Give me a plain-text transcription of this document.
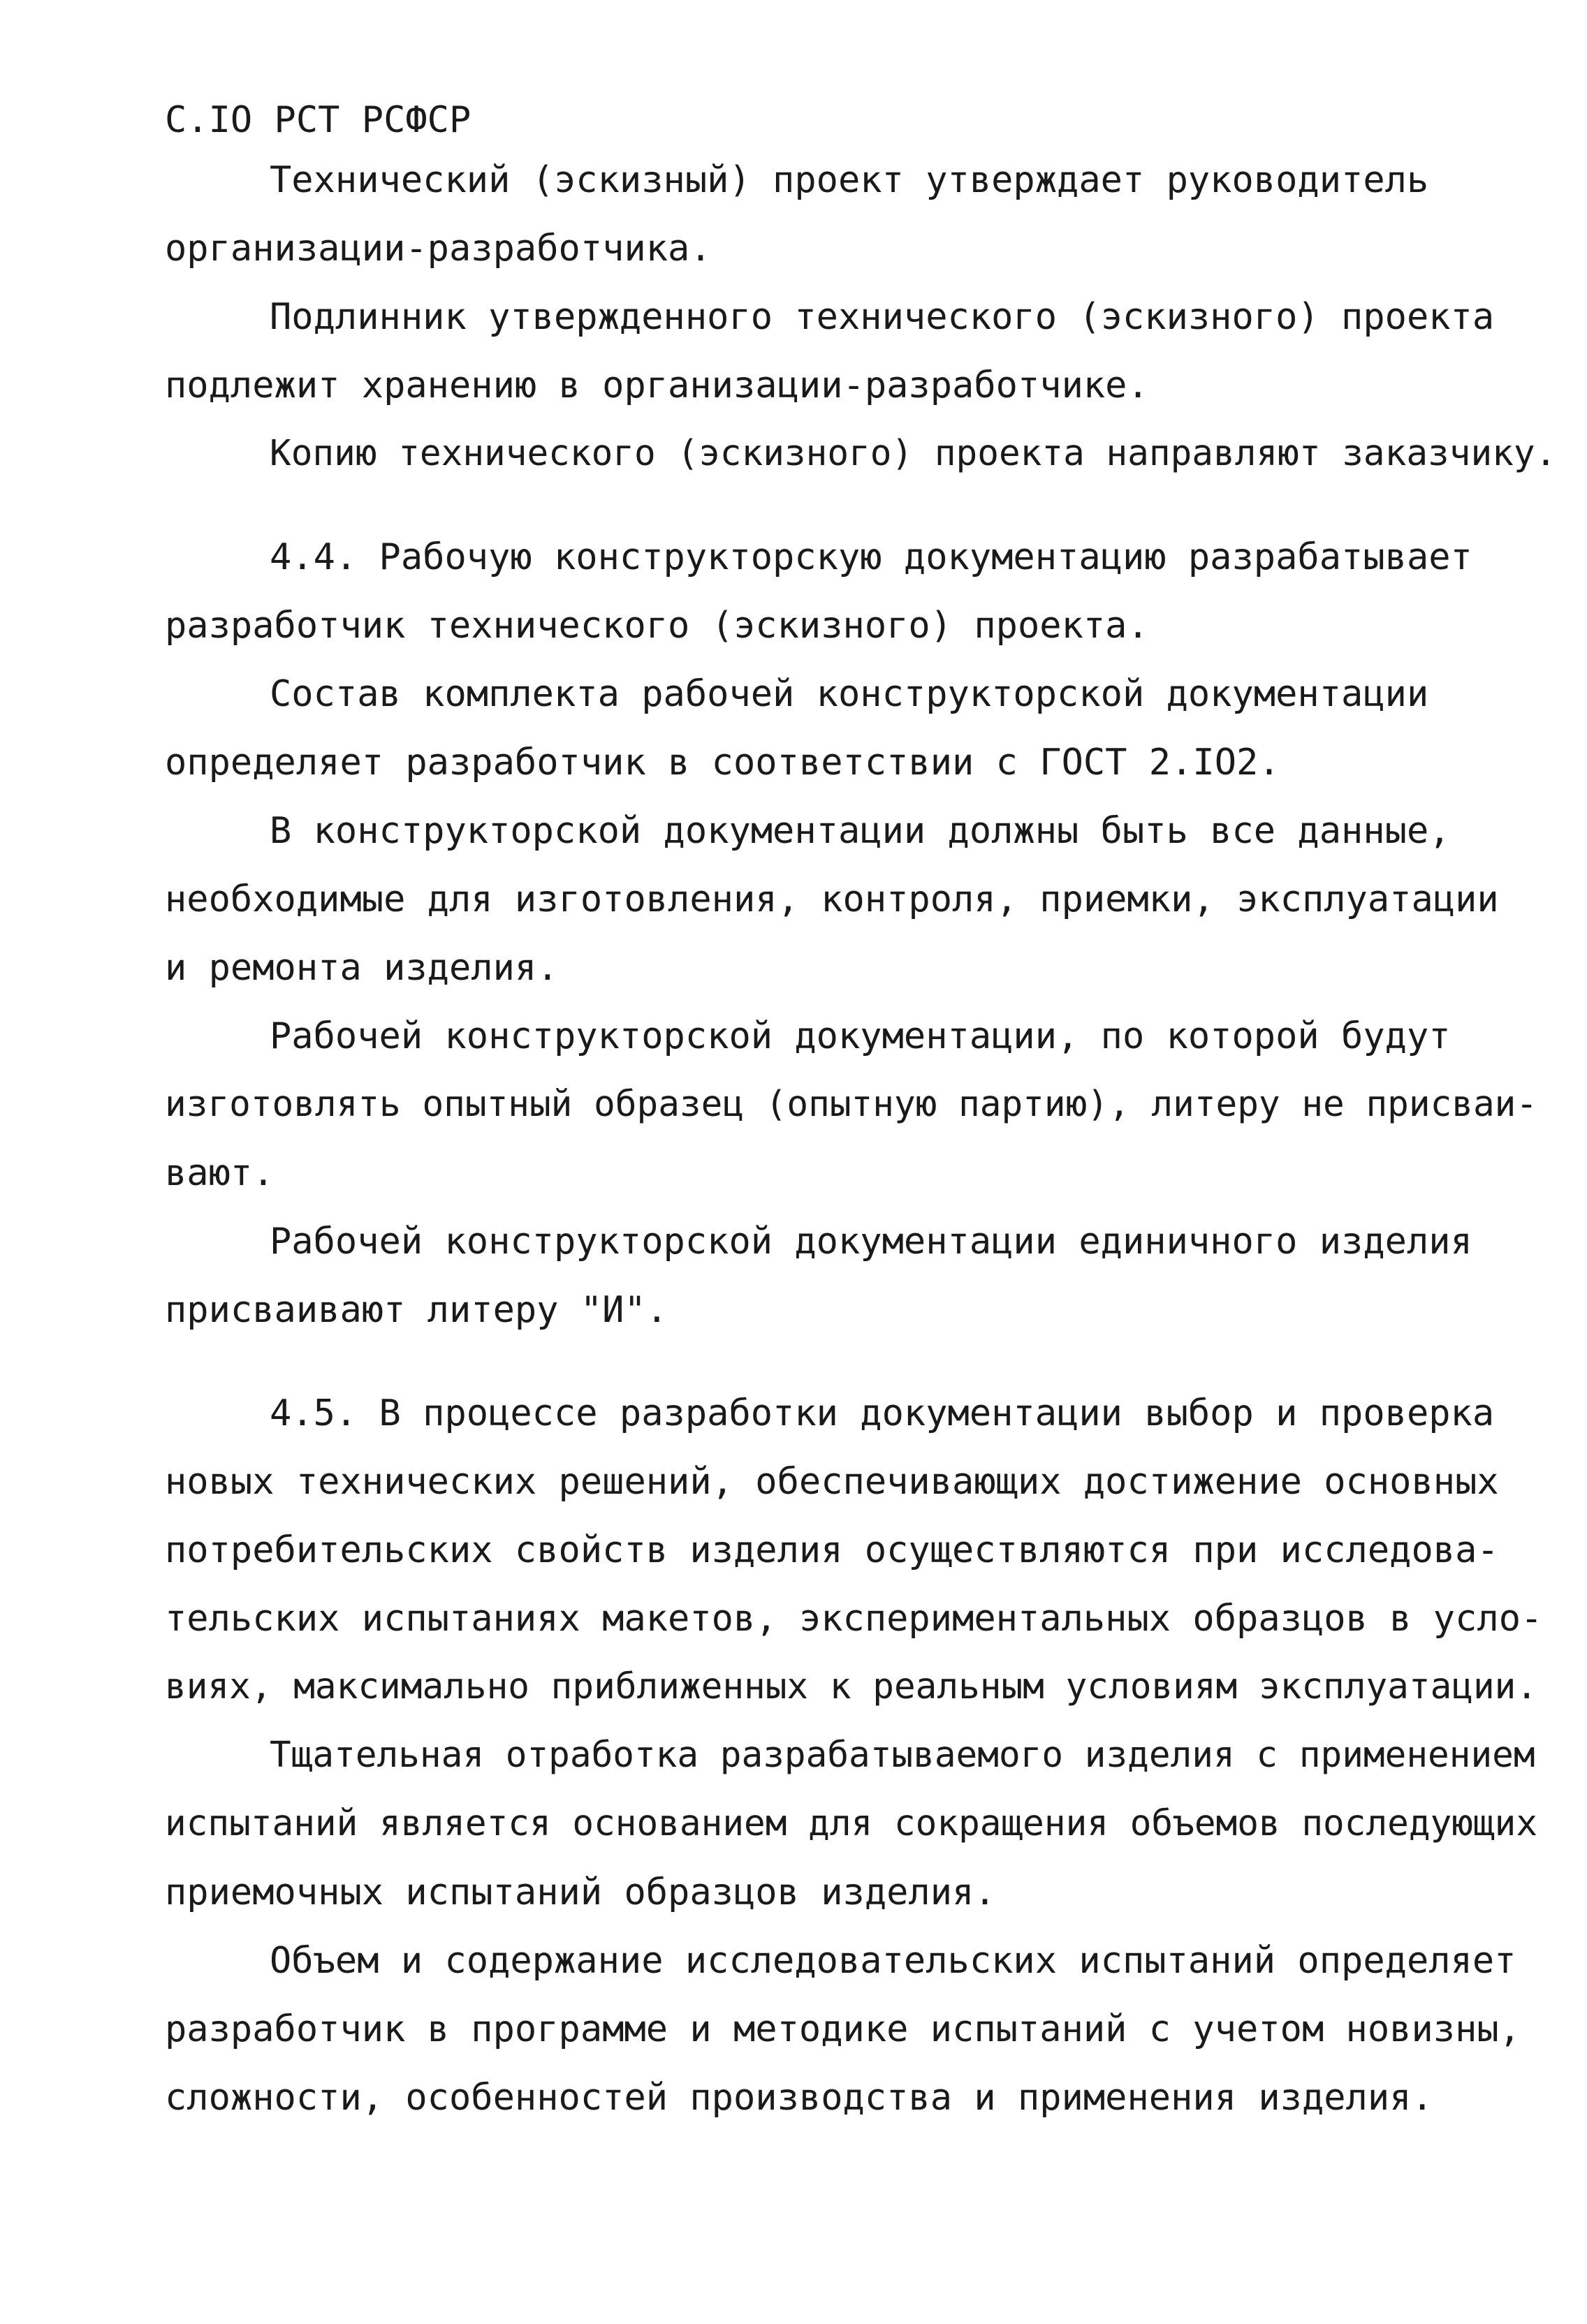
С.IO РСТ РСФСР
Технический (эскизный) проект утверждает руководитель
организации-разработчика.
Подлинник утвержденного технического (эскизного) проекта
подлежит хранению в организации-разработчике.
Копию технического (эскизного) проекта направляют заказчику.
4.4. Рабочую конструкторскую документацию разрабатывает
разработчик технического (эскизного) проекта.
Состав комплекта рабочей конструкторской документации
определяет разработчик в соответствии с ГОСТ 2.IO2.
В конструкторской документации должны быть все данные,
необходимые для изготовления, контроля, приемки, эксплуатации
и ремонта изделия.
Рабочей конструкторской документации, по которой будут
изготовлять опытный образец (опытную партию), литеру не присваи-
вают.
Рабочей конструкторской документации единичного изделия
присваивают литеру "И".
4.5. В процессе разработки документации выбор и проверка
новых технических решений, обеспечивающих достижение основных
потребительских свойств изделия осуществляются при исследова-
тельских испытаниях макетов, экспериментальных образцов в усло-
виях, максимально приближенных к реальным условиям эксплуатации.
Тщательная отработка разрабатываемого изделия с применением
испытаний является основанием для сокращения объемов последующих
приемочных испытаний образцов изделия.
Объем и содержание исследовательских испытаний определяет
разработчик в программе и методике испытаний с учетом новизны,
сложности, особенностей производства и применения изделия.
